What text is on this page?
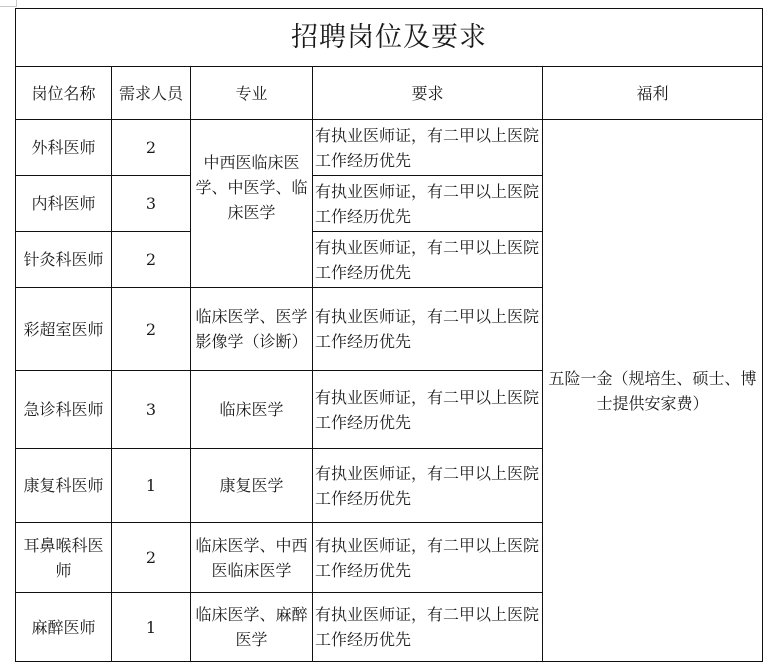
招聘岗位及要求				
岗位名称	需求人员	专业	要求	福利
外科医师	2	中西医临床医学、中医学、临床医学	有执业医师证，有二甲以上医院工作经历优先	五险一金（规培生、硕士、博士提供安家费）
内科医师	3		有执业医师证，有二甲以上医院工作经历优先	
针灸科医师	2		有执业医师证，有二甲以上医院工作经历优先	
彩超室医师	2	临床医学、医学影像学（诊断）	有执业医师证，有二甲以上医院工作经历优先	
急诊科医师	3	临床医学	有执业医师证，有二甲以上医院工作经历优先	
康复科医师	1	康复医学	有执业医师证，有二甲以上医院工作经历优先	
耳鼻喉科医师	2	临床医学、中西医临床医学	有执业医师证，有二甲以上医院工作经历优先	
麻醉医师	1	临床医学、麻醉医学	有执业医师证，有二甲以上医院工作经历优先	
